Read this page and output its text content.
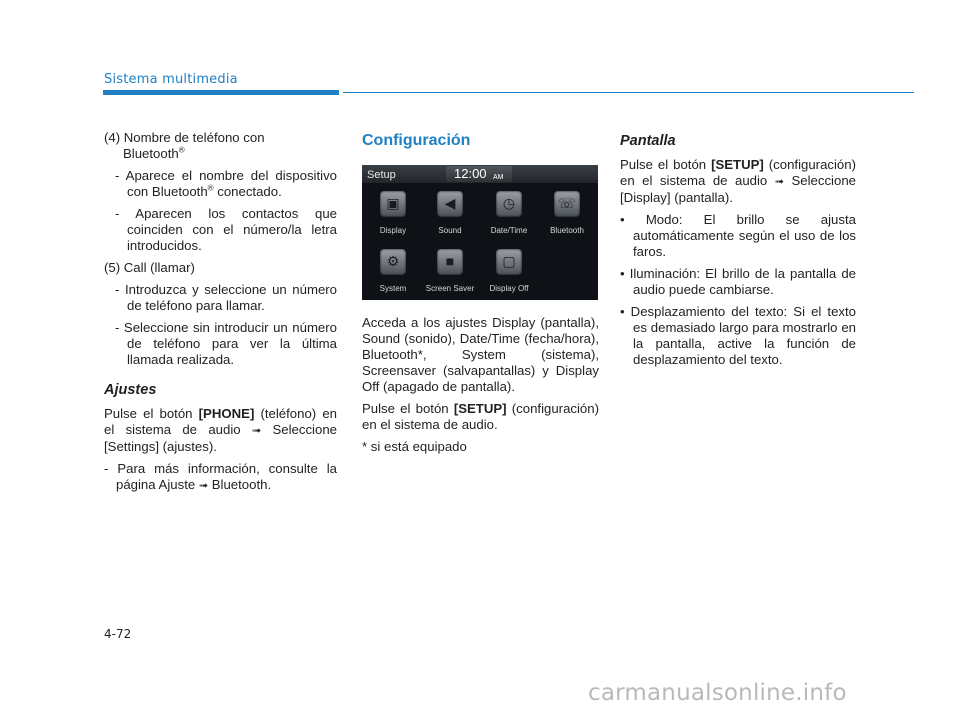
Sistema multimedia

(4) Nombre de teléfono con
Bluetooth®

- Aparece el nombre del dispositivo con Bluetooth® conectado.

- Aparecen los contactos que coinciden con el número/la letra introducidos.

(5) Call (llamar)

- Introduzca y seleccione un número de teléfono para llamar.

- Seleccione sin introducir un número de teléfono para ver la última llamada realizada.

Ajustes

Pulse el botón [PHONE] (teléfono) en el sistema de audio ➟ Seleccione [Settings] (ajustes).

- Para más información, consulte la página Ajuste ➟ Bluetooth.

Configuración
Setup	12:00 AM
▣
Display
◀
Sound
◷
Date/Time
☏
Bluetooth
⚙
System
■
Screen Saver
▢
Display Off

Acceda a los ajustes Display (pantalla), Sound (sonido), Date/Time (fecha/hora), Bluetooth*, System (sistema), Screensaver (salvapantallas) y Display Off (apagado de pantalla).

Pulse el botón [SETUP] (configuración) en el sistema de audio.

* si está equipado

Pantalla

Pulse el botón [SETUP] (configuración) en el sistema de audio ➟ Seleccione [Display] (pantalla).

• Modo: El brillo se ajusta automáticamente según el uso de los faros.

• Iluminación: El brillo de la pantalla de audio puede cambiarse.

• Desplazamiento del texto: Si el texto es demasiado largo para mostrarlo en la pantalla, active la función de desplazamiento del texto.

4-72
carmanualsonline.info
